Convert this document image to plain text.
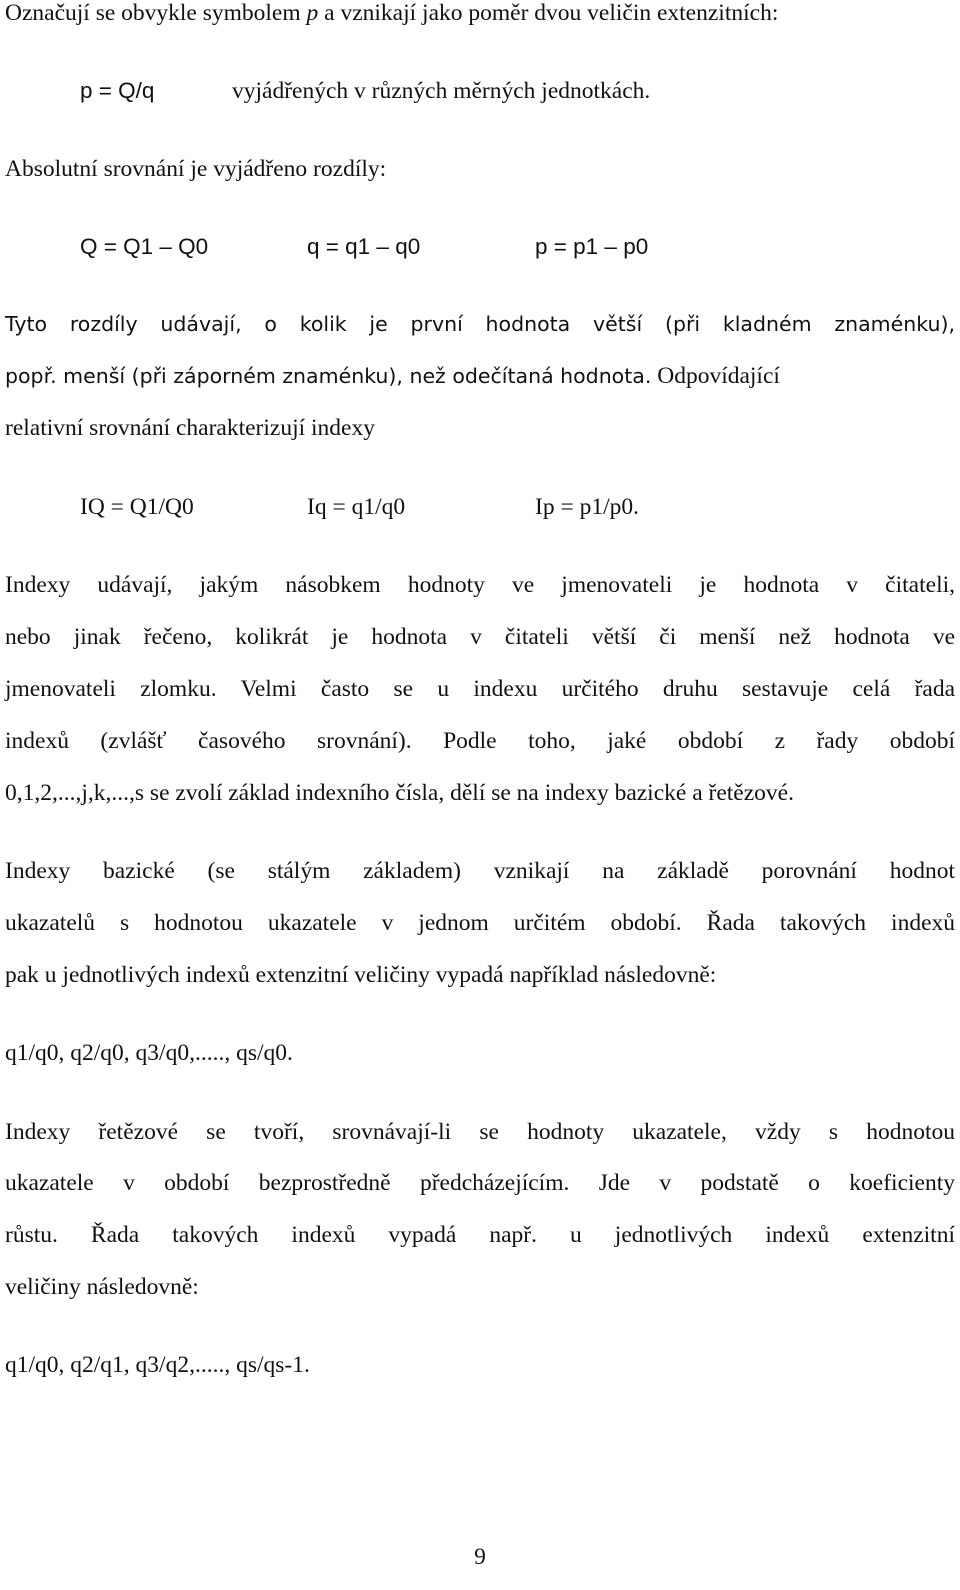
Označují se obvykle symbolem p a vznikají jako poměr dvou veličin extenzitních:
p = Q/q	vyjádřených v různých měrných jednotkách.
Absolutní srovnání je vyjádřeno rozdíly:
Q = Q1 – Q0	q = q1 – q0	p = p1 – p0
Tyto rozdíly udávají, o kolik je první hodnota větší (při kladném znaménku),
popř. menší (při záporném znaménku), než odečítaná hodnota. Odpovídající
relativní srovnání charakterizují indexy
IQ = Q1/Q0	Iq = q1/q0	Ip = p1/p0.
Indexy udávají, jakým násobkem hodnoty ve jmenovateli je hodnota v čitateli,
nebo jinak řečeno, kolikrát je hodnota v čitateli větší či menší než hodnota ve
jmenovateli zlomku. Velmi často se u indexu určitého druhu sestavuje celá řada
indexů (zvlášť časového srovnání). Podle toho, jaké období z řady období
0,1,2,...,j,k,...,s se zvolí základ indexního čísla, dělí se na indexy bazické a řetězové.
Indexy bazické (se stálým základem) vznikají na základě porovnání hodnot
ukazatelů s hodnotou ukazatele v jednom určitém období. Řada takových indexů
pak u jednotlivých indexů extenzitní veličiny vypadá například následovně:
q1/q0, q2/q0, q3/q0,....., qs/q0.
Indexy řetězové se tvoří, srovnávají-li se hodnoty ukazatele, vždy s hodnotou
ukazatele v období bezprostředně předcházejícím. Jde v podstatě o koeficienty
růstu. Řada takových indexů vypadá např. u jednotlivých indexů extenzitní
veličiny následovně:
q1/q0, q2/q1, q3/q2,....., qs/qs-1.
9
